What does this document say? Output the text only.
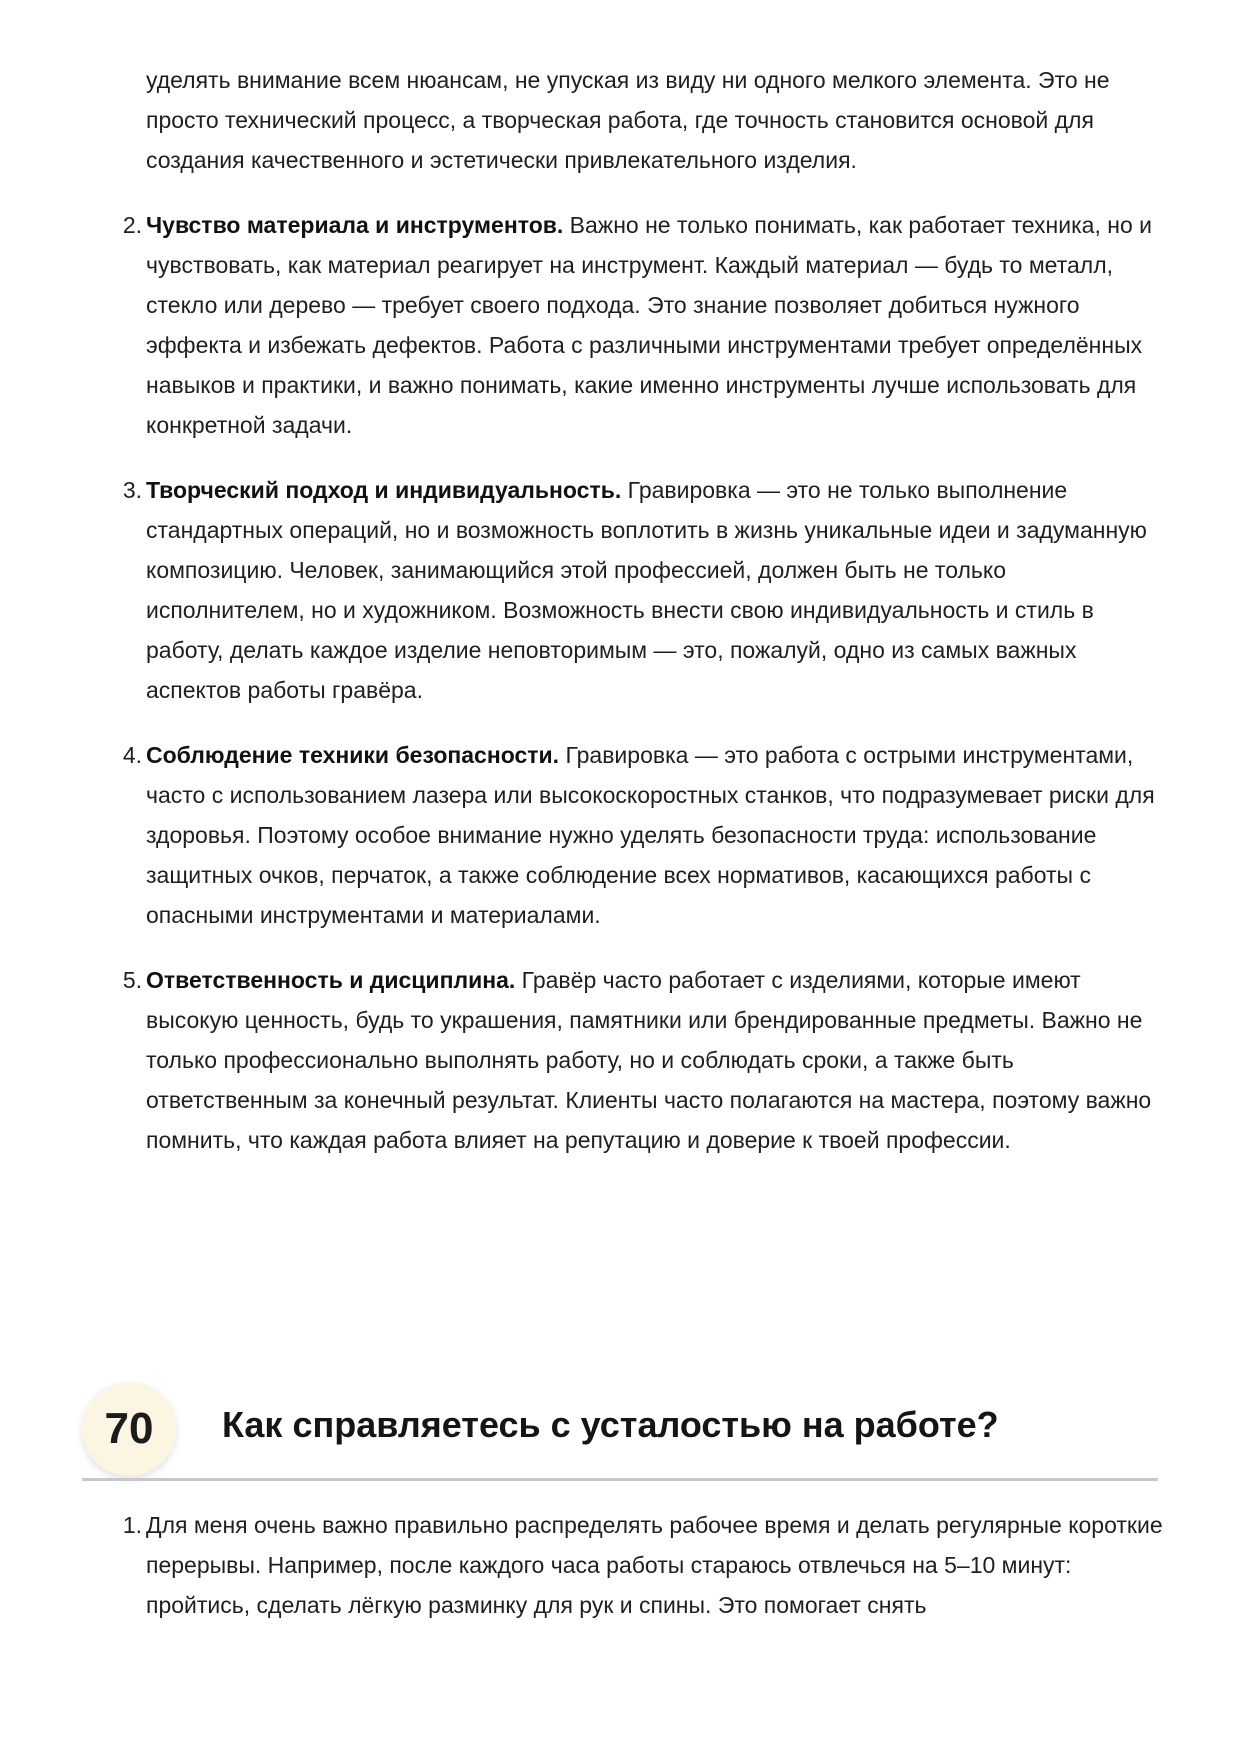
уделять внимание всем нюансам, не упуская из виду ни одного мелкого элемента. Это не просто технический процесс, а творческая работа, где точность становится основой для создания качественного и эстетически привлекательного изделия.

2. Чувство материала и инструментов. Важно не только понимать, как работает техника, но и чувствовать, как материал реагирует на инструмент. Каждый материал — будь то металл, стекло или дерево — требует своего подхода. Это знание позволяет добиться нужного эффекта и избежать дефектов. Работа с различными инструментами требует определённых навыков и практики, и важно понимать, какие именно инструменты лучше использовать для конкретной задачи.
3. Творческий подход и индивидуальность. Гравировка — это не только выполнение стандартных операций, но и возможность воплотить в жизнь уникальные идеи и задуманную композицию. Человек, занимающийся этой профессией, должен быть не только исполнителем, но и художником. Возможность внести свою индивидуальность и стиль в работу, делать каждое изделие неповторимым — это, пожалуй, одно из самых важных аспектов работы гравёра.
4. Соблюдение техники безопасности. Гравировка — это работа с острыми инструментами, часто с использованием лазера или высокоскоростных станков, что подразумевает риски для здоровья. Поэтому особое внимание нужно уделять безопасности труда: использование защитных очков, перчаток, а также соблюдение всех нормативов, касающихся работы с опасными инструментами и материалами.
5. Ответственность и дисциплина. Гравёр часто работает с изделиями, которые имеют высокую ценность, будь то украшения, памятники или брендированные предметы. Важно не только профессионально выполнять работу, но и соблюдать сроки, а также быть ответственным за конечный результат. Клиенты часто полагаются на мастера, поэтому важно помнить, что каждая работа влияет на репутацию и доверие к твоей профессии.
70	Как справляетесь с усталостью на работе?
1. Для меня очень важно правильно распределять рабочее время и делать регулярные короткие перерывы. Например, после каждого часа работы стараюсь отвлечься на 5–10 минут: пройтись, сделать лёгкую разминку для рук и спины. Это помогает снять
